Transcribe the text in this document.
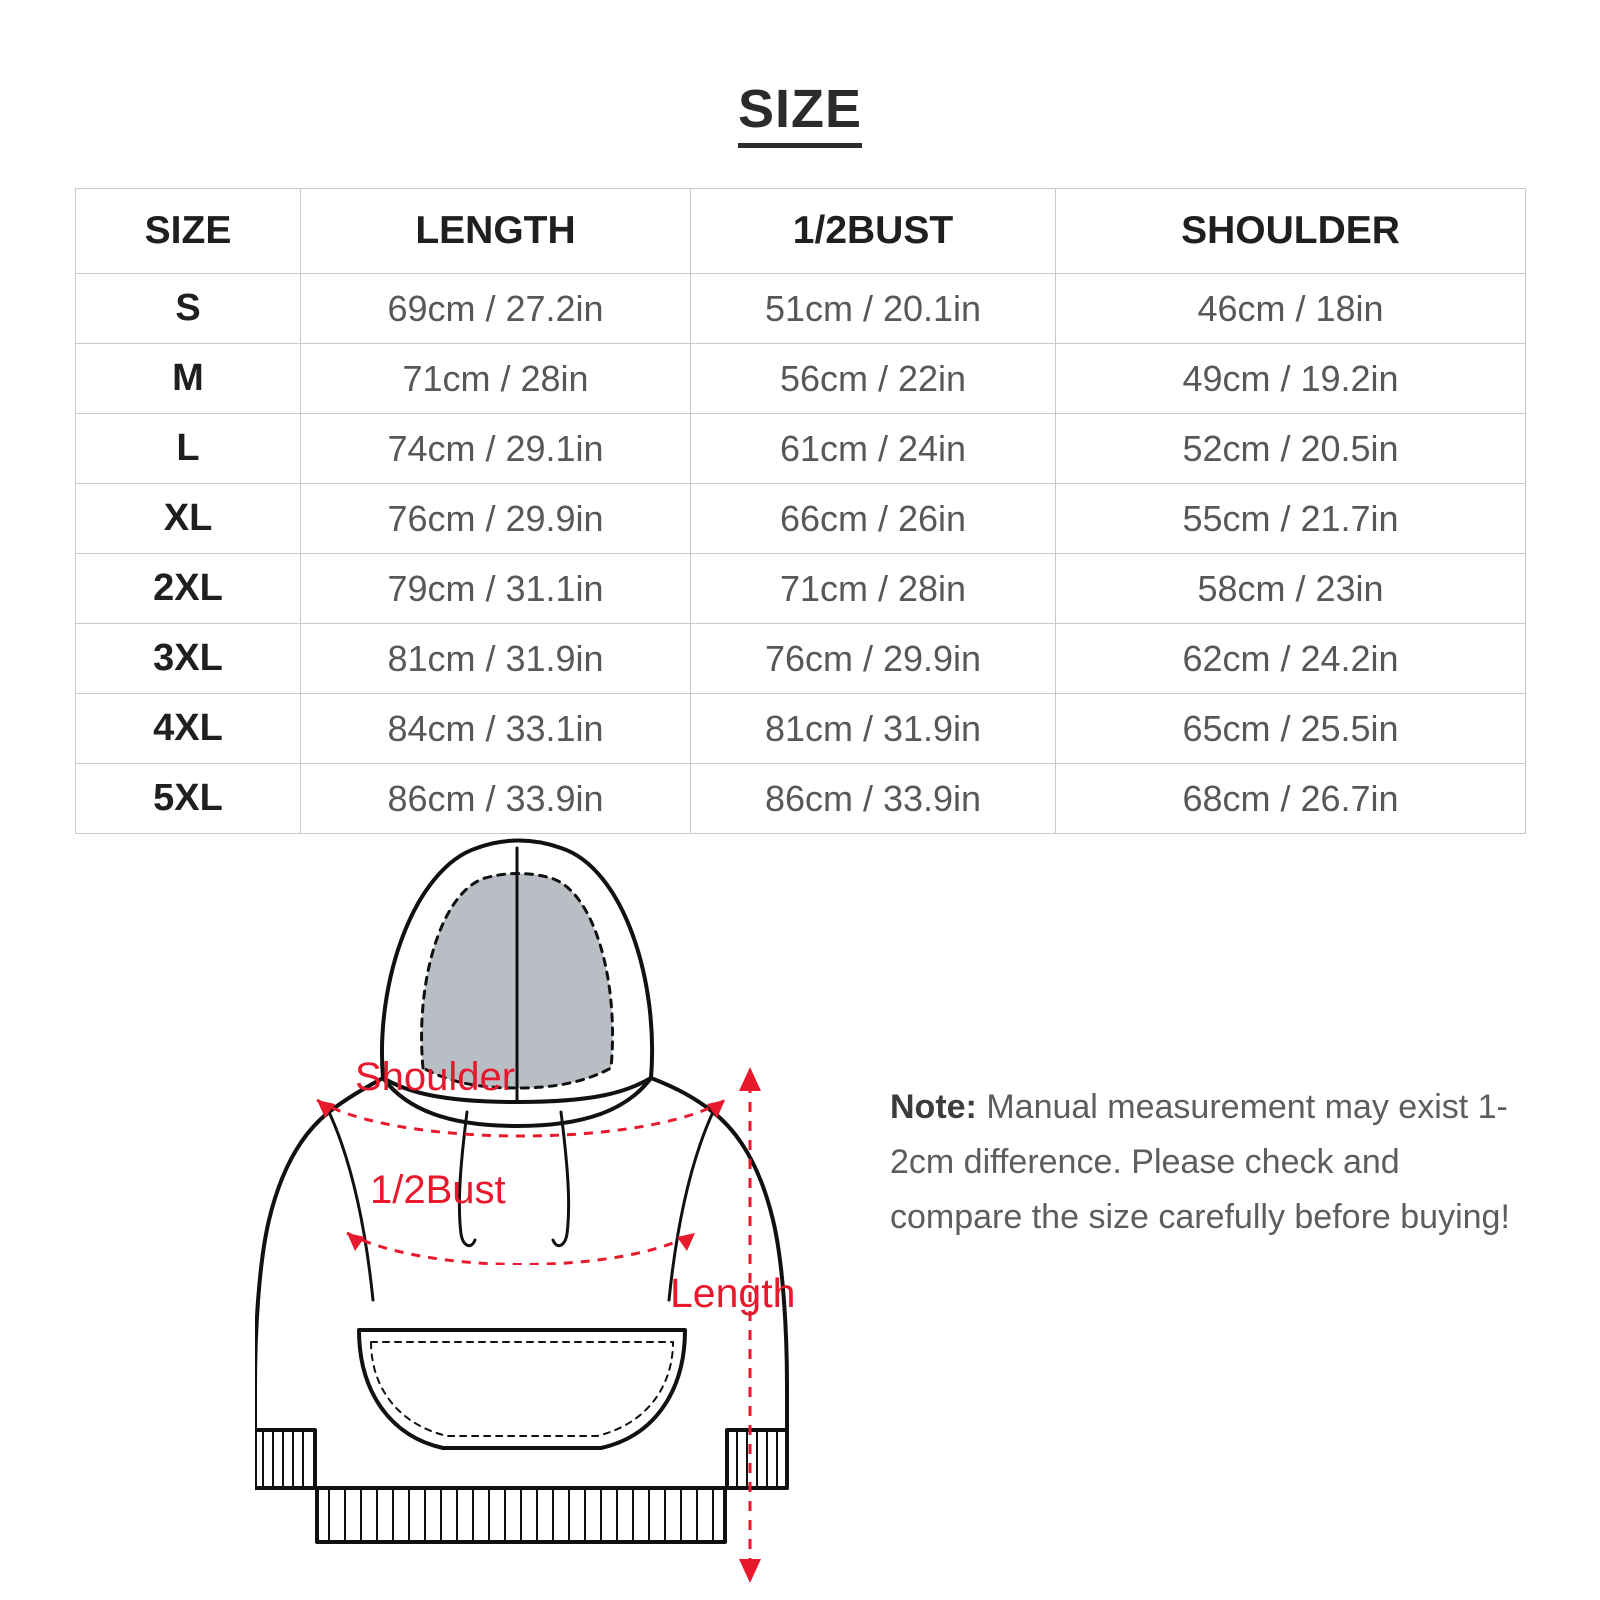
SIZE
SIZE	LENGTH	1/2BUST	SHOULDER
S	69cm / 27.2in	51cm / 20.1in	46cm / 18in
M	71cm / 28in	56cm / 22in	49cm / 19.2in
L	74cm / 29.1in	61cm / 24in	52cm / 20.5in
XL	76cm / 29.9in	66cm / 26in	55cm / 21.7in
2XL	79cm / 31.1in	71cm / 28in	58cm / 23in
3XL	81cm / 31.9in	76cm / 29.9in	62cm / 24.2in
4XL	84cm / 33.1in	81cm / 31.9in	65cm / 25.5in
5XL	86cm / 33.9in	86cm / 33.9in	68cm / 26.7in
Shoulder
1/2Bust
Length
Note: Manual measurement may exist 1-2cm difference. Please check and compare the size carefully before buying!
